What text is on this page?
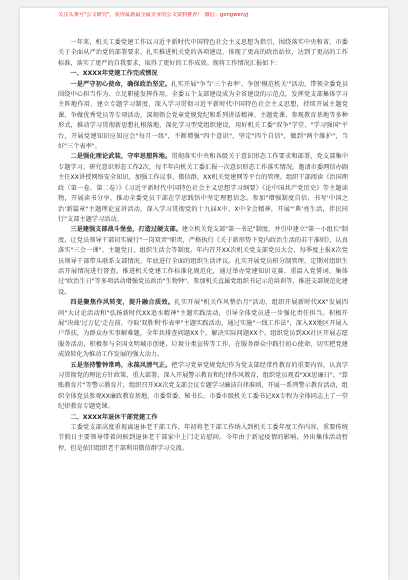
关注头条号"公文研究"，获得最新最全最专业的公文资料推荐！ 微信：gongwenyj

一年来，机关工委党建工作以习近平新时代中国特色社会主义思想为指引，围绕落实中央和省、市委关于全面从严治党的部署要求，扎实推进机关党的各项建设，体现了更高的政治站位，达到了更高的工作标准，落实了更严的自我要求，取得了更好的工作成效。现将工作情况汇报如下：

一、XXXX年党建工作完成情况

一是严守初心使命，确保政治坚定。扎实开展"争当'三个表率'、争创'模范机关'"活动，带领全委党员围绕中心担当作为、立足职能发挥作用。全委五个支部建设成为全省建设的示范点，发挥党支部集体学习主阵地作用，建立专题学习制度，深入学习贯彻习近平新时代中国特色社会主义思想，持续开展主题党课、争做优秀党员等专项活动，深刻领会党章党规党纪和系列讲话精神。主题党课、参观教育基地等多种形式，推动学习贯彻新思想扎根落地，深化学习型党组织建设，用好机关工委"双争"学堂、"学习强国"平台，开展党建知识应知应会"每月一练"，不断增强"四个意识"，坚定"四个自信"，做到"两个维护"，当好"三个表率"。

二是强化理论武装，守牢思想阵地。贯彻落实中央和各级关于意识形态工作要求和部署，党支部集中专题学习、研究意识形态工作2次，每半年向机关工委汇报一次意识形态工作落实情况。邀请市委网信办副主任XX讲授网络安全知识，加强工作议事、微信群、XX机关党建网等平台的管理。组织干部阅读《治国理政（第一卷、第二卷）》《习近平新时代中国特色社会主义思想学习纲要》《论中国共产党历史》等主题读物，开展读书分享，推动全委党员干部在学思践悟中坚定理想信念。参加"增强制度自信，书写'中国之治'新篇章"主题理论宣讲活动，深入学习贯彻党的十九届X中、X中全会精神，开展"'典'亮生活，伴民同行"支部主题学习活动。

三是建强支部战斗堡垒，打造过硬支部。建立机关党支部"第一书记"制度，并引申建立"第一小组长"制度，让党员领导干部切实履行"一岗双责"职责，严格执行《关于新形势下党内政治生活的若干准则》，认真落实"三会一课"、主题党日、组织生活会等制度。年内召开XX次机关党支部党员大会，每季度上报X次党员领导干部带头联系支部情况，年底进行全面的组织生活评议。扎实开展党员积分制管理，定期对组织生活开展情况进行督查，推进机关党建工作标准化规范化，通过举办党建知识竞赛、重温入党誓词、集体过"政治生日"等多项活动增强党员政治"生物钟"。参加机关直属党组织书记示范培训等，推进支部规范化建设。

四是聚焦作风转变，提升融合质效。扎实开展"机关作风整治月"活动，组织开展新时代XX"发展四问"大讨论活动和"弘扬新时代XX追水精神"主题实践活动，引导全体党员进一步强化责任担当。积极开展"决战'过万亿'走在前，夺取'双胜利'作表率"主题实践活动，通过实施"一线工作法"，深入XX地区开展入户帮扶，为群众办实事解难题，全年共排查问题XX个，解决实际问题XX个。组织党员到XX社区开展志愿服务活动，积极参与全国文明城市创建、垃圾分类宣传等工作，在服务群众中践行初心使命，切实把党建成效转化为推动工作发展的强大动力。

五是坚持警钟常鸣，永葆风清气正。把学习党章党规党纪作为党支部经常性教育的重要内容，认真学习贯彻党的理论方针政策、重大部署，深入开展警示教育和纪律作风教育，组织党员观看"XX思廉日"、"算账教育片"等警示教育片，组织召开XX次党支部会议专题学习廉洁自律准则，开展一系列警示教育活动，组织全体党员参观XX廉政教育基地，市委常委、秘书长、市委市级机关工委书记XX专程为全体同志上了一堂纪律教育专题党课。

二、XXXX年退休干部党建工作

工委党支部高度重视离退休老干部工作，年初将老干部工作纳入到机关工委年度工作内容，重要传统节假日主要领导带着问候到退休老干部家中上门走访慰问。今年由于新冠疫情的影响，外出集体活动暂停，但是依旧组织老干部利用微信群学习交流。
